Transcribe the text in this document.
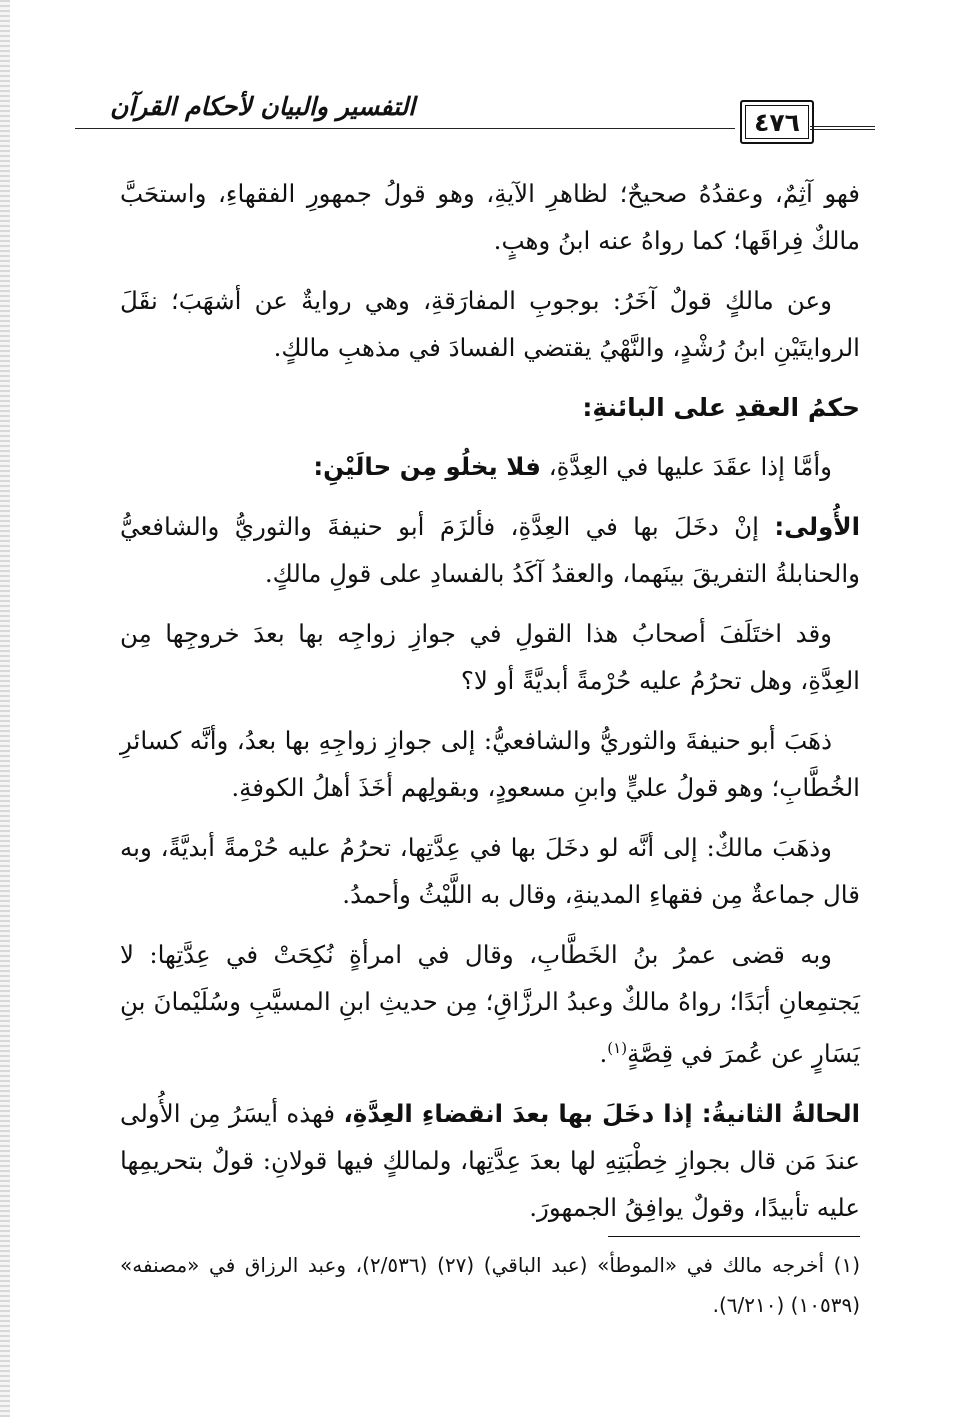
التفسير والبيان لأحكام القرآن
٤٧٦

فهو آثِمٌ، وعقدُهُ صحيحٌ؛ لظاهرِ الآيةِ، وهو قولُ جمهورِ الفقهاءِ، واستحَبَّ مالكٌ فِراقَها؛ كما رواهُ عنه ابنُ وهبٍ.

وعن مالكٍ قولٌ آخَرُ: بوجوبِ المفارَقةِ، وهي روايةٌ عن أشهَبَ؛ نقَلَ الروايتَيْنِ ابنُ رُشْدٍ، والنَّهْيُ يقتضي الفسادَ في مذهبِ مالكٍ.

حكمُ العقدِ على البائنةِ:

وأمَّا إذا عقَدَ عليها في العِدَّةِ، فلا يخلُو مِن حالَيْنِ:

الأُولى: إنْ دخَلَ بها في العِدَّةِ، فألزَمَ أبو حنيفةَ والثوريُّ والشافعيُّ والحنابلةُ التفريقَ بينَهما، والعقدُ آكَدُ بالفسادِ على قولِ مالكٍ.

وقد اختَلَفَ أصحابُ هذا القولِ في جوازِ زواجِه بها بعدَ خروجِها مِن العِدَّةِ، وهل تحرُمُ عليه حُرْمةً أبديَّةً أو لا؟

ذهَبَ أبو حنيفةَ والثوريُّ والشافعيُّ: إلى جوازِ زواجِهِ بها بعدُ، وأنَّه كسائرِ الخُطَّابِ؛ وهو قولُ عليٍّ وابنِ مسعودٍ، وبقولِهم أخَذَ أهلُ الكوفةِ.

وذهَبَ مالكٌ: إلى أنَّه لو دخَلَ بها في عِدَّتِها، تحرُمُ عليه حُرْمةً أبديَّةً، وبه قال جماعةٌ مِن فقهاءِ المدينةِ، وقال به اللَّيْثُ وأحمدُ.

وبه قضى عمرُ بنُ الخَطَّابِ، وقال في امرأةٍ نُكِحَتْ في عِدَّتِها: لا يَجتمِعانِ أبَدًا؛ رواهُ مالكٌ وعبدُ الرزَّاقِ؛ مِن حديثِ ابنِ المسيَّبِ وسُلَيْمانَ بنِ يَسَارٍ عن عُمرَ في قِصَّةٍ$^{(١)}$.

الحالةُ الثانيةُ: إذا دخَلَ بها بعدَ انقضاءِ العِدَّةِ، فهذه أيسَرُ مِن الأُولى عندَ مَن قال بجوازِ خِطْبَتِهِ لها بعدَ عِدَّتِها، ولمالكٍ فيها قولانِ: قولٌ بتحريمِها عليه تأبيدًا، وقولٌ يوافِقُ الجمهورَ.

(١) أخرجه مالك في «الموطأ» (عبد الباقي) (٢٧) (٢/٥٣٦)، وعبد الرزاق في «مصنفه» (١٠٥٣٩) (٦/٢١٠).
